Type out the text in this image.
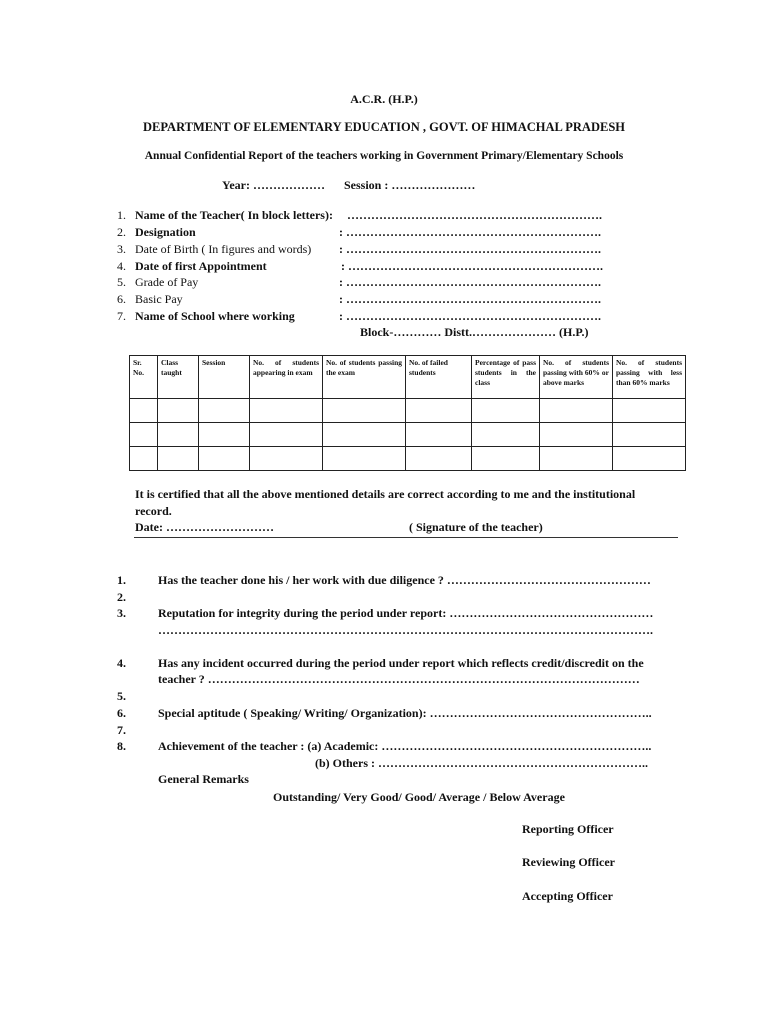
A.C.R. (H.P.)
DEPARTMENT OF ELEMENTARY EDUCATION , GOVT. OF HIMACHAL PRADESH
Annual Confidential Report of the teachers working in Government Primary/Elementary Schools
Year: ……………… Session : …………………
1. Name of the Teacher( In block letters): ……………………………………………………….
2. Designation	: ……………………………………………………….
3. Date of Birth ( In figures and words) : ……………………………………………………….
4. Date of first Appointment	: ……………………………………………………….
5. Grade of Pay	: ……………………………………………………….
6. Basic Pay	: ……………………………………………………….
7. Name of School where working	: ……………………………………………………….
Block-………… Distt.………………… (H.P.)
Sr. No.	Class taught	Session	No. of students appearing in exam	No. of students passing the exam	No. of failed students	Percentage of pass students in the class	No. of students passing with 60% or above marks	No. of students passing with less than 60% marks

It is certified that all the above mentioned details are correct according to me and the institutional
record.
Date: ………………………	( Signature of the teacher)
1.	Has the teacher done his / her work with due diligence ? ……………………………………………
2.
3.	Reputation for integrity during the period under report: ……………………………………………
…………………………………………………………………………………………………………….
4.	Has any incident occurred during the period under report which reflects credit/discredit on the
teacher ? ………………………………………………………………………………………………
5.
6.	Special aptitude ( Speaking/ Writing/ Organization): ………………………………………………..
7.
8.	Achievement of the teacher : (a) Academic: …………………………………………………………..
(b) Others : …………………………………………………………..
General Remarks
Outstanding/ Very Good/ Good/ Average / Below Average
Reporting Officer
Reviewing Officer
Accepting Officer
